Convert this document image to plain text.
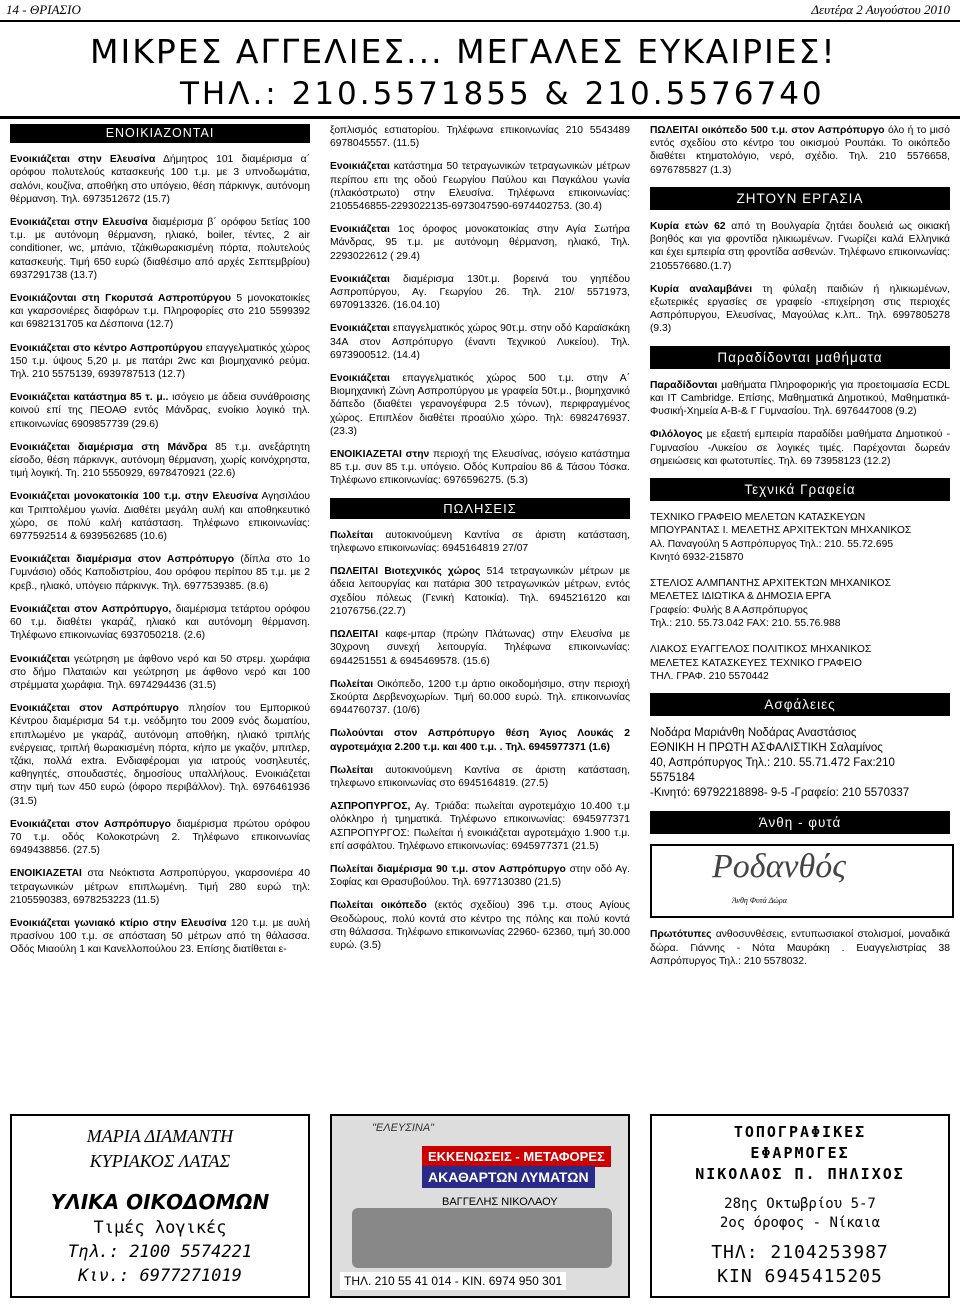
14 - ΘΡΙΑΣΙΟ	Δευτέρα 2 Αυγούστου 2010
ΜΙΚΡΕΣ ΑΓΓΕΛΙΕΣ... ΜΕΓΑΛΕΣ ΕΥΚΑΙΡΙΕΣ!
ΤΗΛ.: 210.5571855 & 210.5576740
ΕΝΟΙΚΙΑΖΟΝΤΑΙ

Ενοικιάζεται στην Ελευσίνα Δήμητρος 101 διαμέρισμα α΄ ορόφου πολυτελούς κατασκευής 100 τ.μ. με 3 υπνοδωμάτια, σαλόνι, κουζίνα, αποθήκη στο υπόγειο, θέση πάρκινγκ, αυτόνομη θέρμανση. Τηλ. 6973512672 (15.7)

Ενοικιάζεται στην Ελευσίνα διαμέρισμα β΄ ορόφου 5ετίας 100 τ.μ. με αυτόνομη θέρμανση, ηλιακό, boiler, τέντες, 2 air conditioner, wc, μπάνιο, τζάκιθωρακισμένη πόρτα, πολυτελούς κατασκευής. Τιμή 650 ευρώ (διαθέσιμο από αρχές Σεπτεμβρίου) 6937291738 (13.7)

Ενοικιάζονται στη Γκορυτσά Ασπροπύργου 5 μονοκατοικίες και γκαρσονιέρες διαφόρων τ.μ. Πληροφορίες στο 210 5599392 και 6982131705 κα Δέσποινα (12.7)

Ενοικιάζεται στο κέντρο Ασπροπύργου επαγγελματικός χώρος 150 τ.μ. ύψους 5,20 μ. με πατάρι 2wc και βιομηχανικό ρεύμα. Τηλ. 210 5575139, 6939787513 (12.7)

Ενοικιάζεται κατάστημα 85 τ. μ.. ισόγειο με άδεια συνάθροισης κοινού επί της ΠΕΟΑΘ εντός Μάνδρας, ενοίκιο λογικό τηλ. επικοινωνίας 6909857739 (29.6)

Ενοικιάζεται διαμέρισμα στη Μάνδρα 85 τ.μ. ανεξάρτητη είσοδο, θέση πάρκινγκ, αυτόνομη θέρμανση, χωρίς κοινόχρηστα, τιμή λογική. Τη. 210 5550929, 6978470921 (22.6)

Ενοικιάζεται μονοκατοικία 100 τ.μ. στην Ελευσίνα Αγησιλάου και Τριπτολέμου γωνία. Διαθέτει μεγάλη αυλή και αποθηκευτικό χώρο, σε πολύ καλή κατάσταση. Τηλέφωνο επικοινωνίας: 6977592514 & 6939562685 (10.6)

Ενοικιάζεται διαμέρισμα στον Ασπρόπυργο (δίπλα στο 1ο Γυμνάσιο) οδός Καποδιστρίου, 4ου ορόφου περίπου 85 τ.μ. με 2 κρεβ., ηλιακό, υπόγειο πάρκινγκ. Τηλ. 6977539385. (8.6)

Ενοικιάζεται στον Ασπρόπυργο, διαμέρισμα τετάρτου ορόφου 60 τ.μ. διαθέτει γκαράζ, ηλιακό και αυτόνομη θέρμανση. Τηλέφωνο επικοινωνίας 6937050218. (2.6)

Ενοικιάζεται γεώτρηση με άφθονο νερό και 50 στρεμ. χωράφια στο δήμο Πλαταιών και γεώτρηση με άφθονο νερό και 100 στρέμματα χωράφια. Τηλ. 6974294436 (31.5)

Ενοικιάζεται στον Ασπρόπυργο πλησίον του Εμπορικού Κέντρου διαμέρισμα 54 τ.μ. νεόδμητο του 2009 ενός δωματίου, επιπλωμένο με γκαράζ, αυτόνομη αποθήκη, ηλιακό τριπλής ενέργειας, τριπλή θωρακισμένη πόρτα, κήπο με γκαζόν, μπιτλερ, τζάκι, πολλά extra. Ενδιαφέρομαι για ιατρούς νοσηλευτές, καθηγητές, σπουδαστές, δημοσίους υπαλλήλους. Ενοικιάζεται στην τιμή των 450 ευρώ (όφορο περιβάλλον). Τηλ. 6976461936 (31.5)

Ενοικιάζεται στον Ασπρόπυργο διαμέρισμα πρώτου ορόφου 70 τ.μ. οδός Κολοκοτρώνη 2. Τηλέφωνο επικοινωνίας 6949438856. (27.5)

ΕΝΟΙΚΙΑΖΕΤΑΙ στα Νεόκτιστα Ασπροπύργου, γκαρσονιέρα 40 τετραγωνικών μέτρων επιπλωμένη. Τιμή 280 ευρώ τηλ: 2105590383, 6978253223 (11.5)

Ενοικιάζεται γωνιακό κτίριο στην Ελευσίνα 120 τ.μ. με αυλή πρασίνου 100 τ.μ. σε απόσταση 50 μέτρων από τη θάλασσα. Οδός Μιαούλη 1 και Κανελλοπούλου 23. Επίσης διατίθεται ε-

ξοπλισμός εστιατορίου. Τηλέφωνα επικοινωνίας 210 5543489 6978045557. (11.5)

Ενοικιάζεται κατάστημα 50 τετραγωνικών τετραγωνικών μέτρων περίπου επι της οδού Γεωργίου Παύλου και Παγκάλου γωνία (πλακόστρωτο) στην Ελευσίνα. Τηλέφωνα επικοινωνίας: 2105546855-2293022135-6973047590-6974402753. (30.4)

Ενοικιάζεται 1ος όροφος μονοκατοικίας στην Αγία Σωτήρα Μάνδρας, 95 τ.μ. με αυτόνομη θέρμανση, ηλιακό, Τηλ. 2293022612 ( 29.4)

Ενοικιάζεται διαμέρισμα 130τ.μ. βορεινά του γηπέδου Ασπροπύργου, Αγ. Γεωργίου 26. Τηλ. 210/ 5571973, 6970913326. (16.04.10)

Ενοικιάζεται επαγγελματικός χώρος 90τ.μ. στην οδό Καραϊσκάκη 34Α στον Ασπρόπυργο (έναντι Τεχνικού Λυκείου). Τηλ. 6973900512. (14.4)

Ενοικιάζεται επαγγελματικός χώρος 500 τ.μ. στην Α΄ Βιομηχανική Ζώνη Ασπροπύργου με γραφεία 50τ.μ., βιομηχανικό δάπεδο (διαθέτει γερανογέφυρα 2.5 τόνων), περιφραγμένος χώρος. Επιπλέον διαθέτει προαύλιο χώρο. Τηλ: 6982476937. (23.3)

ΕΝΟΙΚΙΑΖΕΤΑΙ στην περιοχή της Ελευσίνας, ισόγειο κατάστημα 85 τ.μ. συν 85 τ.μ. υπόγειο. Οδός Κυπραίου 86 & Τάσου Τόσκα. Τηλέφωνο επικοινωνίας: 6976596275. (5.3)

ΠΩΛΗΣΕΙΣ

Πωλείται αυτοκινούμενη Καντίνα σε άριστη κατάσταση, τηλεφωνο επικοινωνίας: 6945164819 27/07

ΠΩΛΕΙΤΑΙ Βιοτεχνικός χώρος 514 τετραγωνικών μέτρων με άδεια λειτουργίας και πατάρια 300 τετραγωνικών μέτρων, εντός σχεδίου πόλεως (Γενική Κατοικία). Τηλ. 6945216120 και 21076756.(22.7)

ΠΩΛΕΙΤΑΙ καφε-μπαρ (πρώην Πλάτωνας) στην Ελευσίνα με 30χρονη συνεχή λειτουργία. Τηλέφωνα επικοινωνίας: 6944251551 & 6945469578. (15.6)

Πωλείται Οικόπεδο, 1200 τ.μ άρτιο οικοδομήσιμο, στην περιοχή Σκούρτα Δερβενοχωρίων. Τιμή 60.000 ευρώ. Τηλ. επικοινωνίας 6944760737. (10/6)

Πωλούνται στον Ασπρόπυργο θέση Άγιος Λουκάς 2 αγροτεμάχια 2.200 τ.μ. και 400 τ.μ. . Τηλ. 6945977371 (1.6)

Πωλείται αυτοκινούμενη Καντίνα σε άριστη κατάσταση, τηλεφωνο επικοινωνίας στο 6945164819. (27.5)

ΑΣΠΡΟΠΥΡΓΟΣ, Αγ. Τριάδα: πωλείται αγροτεμάχιο 10.400 τ.μ ολόκληρο ή τμηματικά. Τηλέφωνο επικοινωνίας: 6945977371 ΑΣΠΡΟΠΥΡΓΟΣ: Πωλείται ή ενοικιάζεται αγροτεμάχιο 1.900 τ.μ. επί ασφάλτου. Τηλέφωνο επικοινωνίας: 6945977371 (21.5)

Πωλείται διαμέρισμα 90 τ.μ. στον Ασπρόπυργο στην οδό Αγ. Σοφίας και Θρασυβούλου. Τηλ. 6977130380 (21.5)

Πωλείται οικόπεδο (εκτός σχεδίου) 396 τ.μ. στους Αγίους Θεοδώρους, πολύ κοντά στο κέντρο της πόλης και πολύ κοντά στη θάλασσα. Τηλέφωνο επικοινωνίας 22960- 62360, τιμή 30.000 ευρώ. (3.5)

ΠΩΛΕΙΤΑΙ οικόπεδο 500 τ.μ. στον Ασπρόπυργο όλο ή το μισό εντός σχεδίου στο κέντρο του οικισμού Ρουπάκι. Το οικόπεδο διαθέτει κτηματολόγιο, νερό, σχέδιο. Τηλ. 210 5576658, 6976785827 (1.3)

ΖΗΤΟΥΝ ΕΡΓΑΣΙΑ

Κυρία ετών 62 από τη Βουλγαρία ζητάει δουλειά ως οικιακή βοηθός και για φροντίδα ηλικιωμένων. Γνωρίζει καλά Ελληνικά και έχει εμπειρία στη φροντίδα ασθενών. Τηλέφωνο επικοινωνίας: 2105576680.(1.7)

Κυρία αναλαμβάνει τη φύλαξη παιδιών ή ηλικιωμένων, εξωτερικές εργασίες σε γραφείο -επιχείρηση στις περιοχές Ασπρόπυργου, Ελευσίνας, Μαγούλας κ.λπ.. Τηλ. 6997805278 (9.3)

Παραδίδονται μαθήματα

Παραδίδονται μαθήματα Πληροφορικής για προετοιμασία ECDL και IT Cambridge. Επίσης, Μαθηματικά Δημοτικού, Μαθηματικά-Φυσική-Χημεία Α-Β-& Γ Γυμνασίου. Τηλ. 6976447008 (9.2)

Φιλόλογος με εξαετή εμπειρία παραδίδει μαθήματα Δημοτικού - Γυμνασίου -Λυκείου σε λογικές τιμές. Παρέχονται δωρεάν σημειώσεις και φωτοτυπίες. Τηλ. 69 73958123 (12.2)

Τεχνικά Γραφεία
ΤΕΧΝΙΚΟ ΓΡΑΦΕΙΟ ΜΕΛΕΤΩΝ ΚΑΤΑΣΚΕΥΩΝ
ΜΠΟΥΡΑΝΤΑΣ Ι. ΜΕΛΕΤΗΣ ΑΡΧΙΤΕΚΤΩΝ ΜΗΧΑΝΙΚΟΣ
Αλ. Παναγούλη 5 Ασπρόπυργος Τηλ.: 210. 55.72.695
Κινητό 6932-215870

ΣΤΕΛΙΟΣ ΑΛΜΠΑΝΤΗΣ ΑΡΧΙΤΕΚΤΩΝ ΜΗΧΑΝΙΚΟΣ
ΜΕΛΕΤΕΣ ΙΔΙΩΤΙΚΑ & ΔΗΜΟΣΙΑ ΕΡΓΑ
Γραφείο: Φυλής 8 Α Ασπρόπυργος
Τηλ.: 210. 55.73.042 FAX: 210. 55.76.988

ΛΙΑΚΟΣ ΕΥΑΓΓΕΛΟΣ ΠΟΛΙΤΙΚΟΣ ΜΗΧΑΝΙΚΟΣ
ΜΕΛΕΤΕΣ ΚΑΤΑΣΚΕΥΕΣ ΤΕΧΝΙΚΟ ΓΡΑΦΕΙΟ
ΤΗΛ. ΓΡΑΦ. 210 5570442
Ασφάλειες
Νοδάρα Μαριάνθη Νοδάρας Αναστάσιος
ΕΘΝΙΚΗ Η ΠΡΩΤΗ ΑΣΦΑΛΙΣΤΙΚΗ Σαλαμίνος
40, Ασπρόπυργος Τηλ.: 210. 55.71.472 Fax:210
5575184
-Κινητό: 69792218898- 9-5 -Γραφείο: 210 5570337
Άνθη - φυτά
Ροδανθός
Άνθη Φυτά Δώρα

Πρωτότυπες ανθοσυνθέσεις, εντυπωσιακοί στολισμοί, μοναδικά δώρα. Γιάννης - Νότα Μαυράκη . Ευαγγελιστρίας 38 Ασπρόπυργος Τηλ.: 210 5578032.

ΜΑΡΙΑ ΔΙΑΜΑΝΤΗ
ΚΥΡΙΑΚΟΣ ΛΑΤΑΣ
ΥΛΙΚΑ ΟΙΚΟΔΟΜΩΝ
Τιμές λογικές
Τηλ.: 2100 5574221
Κιν.: 6977271019
"ΕΛΕΥΣΙΝΑ"
ΕΚΚΕΝΩΣΕΙΣ - ΜΕΤΑΦΟΡΕΣ
ΑΚΑΘΑΡΤΩΝ ΛΥΜΑΤΩΝ
ΒΑΓΓΕΛΗΣ ΝΙΚΟΛΑΟΥ
ΤΗΛ. 210 55 41 014 - ΚΙΝ. 6974 950 301
ΤΟΠΟΓΡΑΦΙΚΕΣ
ΕΦΑΡΜΟΓΕΣ
ΝΙΚΟΛΑΟΣ Π. ΠΗΛΙΧΟΣ
28ης Οκτωβρίου 5-7
2ος όροφος - Νίκαια
ΤΗΛ: 2104253987
ΚΙΝ 6945415205
